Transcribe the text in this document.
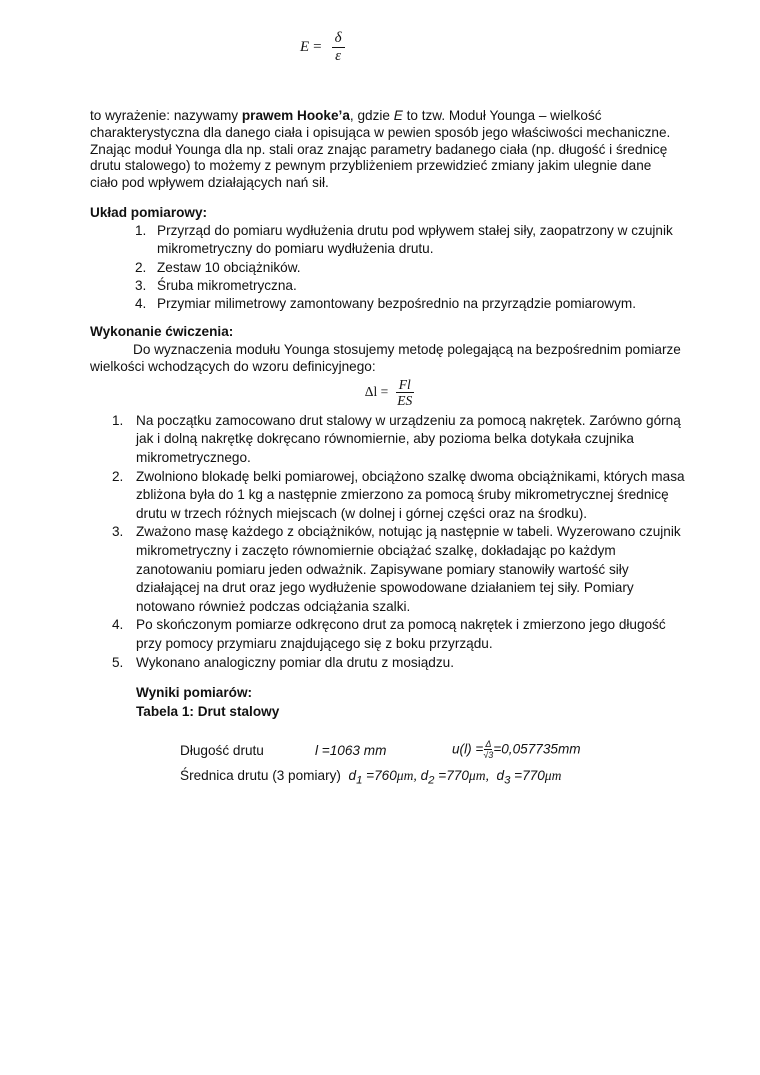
$E = \frac{\delta}{\varepsilon}$

to wyrażenie: nazywamy prawem Hooke’a, gdzie E to tzw. Moduł Younga – wielkość charakterystyczna dla danego ciała i opisująca w pewien sposób jego właściwości mechaniczne. Znając moduł Younga dla np. stali oraz znając parametry badanego ciała (np. długość i średnicę drutu stalowego) to możemy z pewnym przybliżeniem przewidzieć zmiany jakim ulegnie dane ciało pod wpływem działających nań sił.

Układ pomiarowy:
1. Przyrząd do pomiaru wydłużenia drutu pod wpływem stałej siły, zaopatrzony w czujnik mikrometryczny do pomiaru wydłużenia drutu.
2. Zestaw 10 obciążników.
3. Śruba mikrometryczna.
4. Przymiar milimetrowy zamontowany bezpośrednio na przyrządzie pomiarowym.
Wykonanie ćwiczenia:

Do wyznaczenia modułu Younga stosujemy metodę polegającą na bezpośrednim pomiarze wielkości wchodzących do wzoru definicyjnego:

$\Delta l = \frac{Fl}{ES}$
1. Na początku zamocowano drut stalowy w urządzeniu za pomocą nakrętek. Zarówno górną jak i dolną nakrętkę dokręcano równomiernie, aby pozioma belka dotykała czujnika mikrometrycznego.
2. Zwolniono blokadę belki pomiarowej, obciążono szalkę dwoma obciążnikami, których masa zbliżona była do 1 kg a następnie zmierzono za pomocą śruby mikrometrycznej średnicę drutu w trzech różnych miejscach (w dolnej i górnej części oraz na środku).
3. Zważono masę każdego z obciążników, notując ją następnie w tabeli. Wyzerowano czujnik mikrometryczny i zaczęto równomiernie obciążać szalkę, dokładając po każdym zanotowaniu pomiaru jeden odważnik. Zapisywane pomiary stanowiły wartość siły działającej na drut oraz jego wydłużenie spowodowane działaniem tej siły. Pomiary notowano również podczas odciążania szalki.
4. Po skończonym pomiarze odkręcono drut za pomocą nakrętek i zmierzono jego długość przy pomocy przymiaru znajdującego się z boku przyrządu.
5. Wykonano analogiczny pomiar dla drutu z mosiądzu.
Wyniki pomiarów:
Tabela 1: Drut stalowy
Długość drutu	l =1063 mm	$u(l) = \frac{\Delta}{√3} =0,057735mm$
Średnica drutu (3 pomiary) $d_1 =760\mu m$, $d_2 =770\mu m$, $d_3 =770\mu m$
